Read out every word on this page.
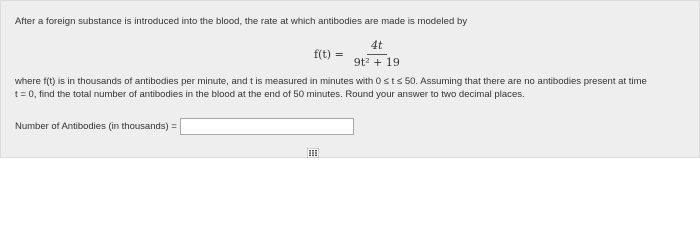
After a foreign substance is introduced into the blood, the rate at which antibodies are made is modeled by
$f(t) = \frac{4t}{\text{9t² + 19}}$
where f(t) is in thousands of antibodies per minute, and t is measured in minutes with 0 ≤ t ≤ 50. Assuming that there are no antibodies present at time
t = 0, find the total number of antibodies in the blood at the end of 50 minutes. Round your answer to two decimal places.
Number of Antibodies (in thousands) =
